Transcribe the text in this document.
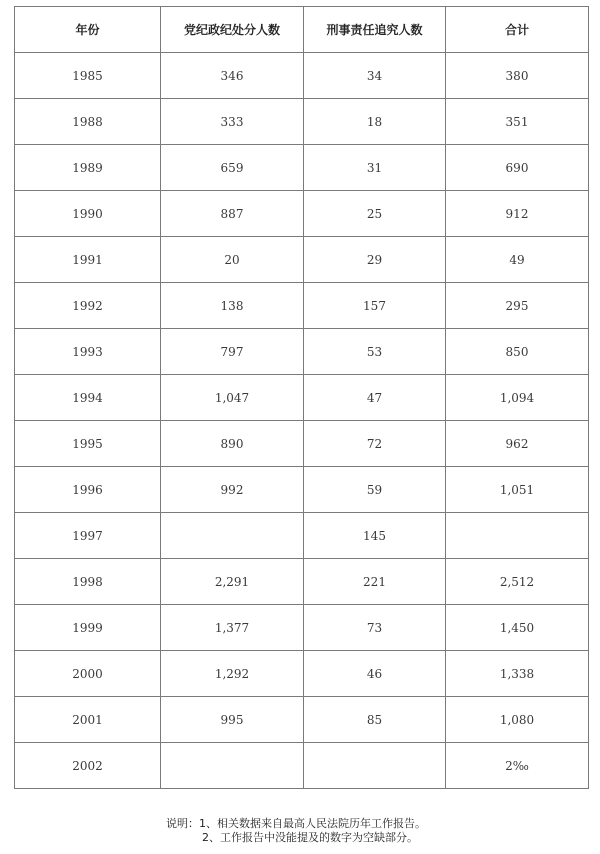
年份	党纪政纪处分人数	刑事责任追究人数	合计
1985	346	34	380
1988	333	18	351
1989	659	31	690
1990	887	25	912
1991	20	29	49
1992	138	157	295
1993	797	53	850
1994	1,047	47	1,094
1995	890	72	962
1996	992	59	1,051
1997		145	
1998	2,291	221	2,512
1999	1,377	73	1,450
2000	1,292	46	1,338
2001	995	85	1,080
2002			2‰
说明：1、相关数据来自最高人民法院历年工作报告。
2、工作报告中没能提及的数字为空缺部分。
